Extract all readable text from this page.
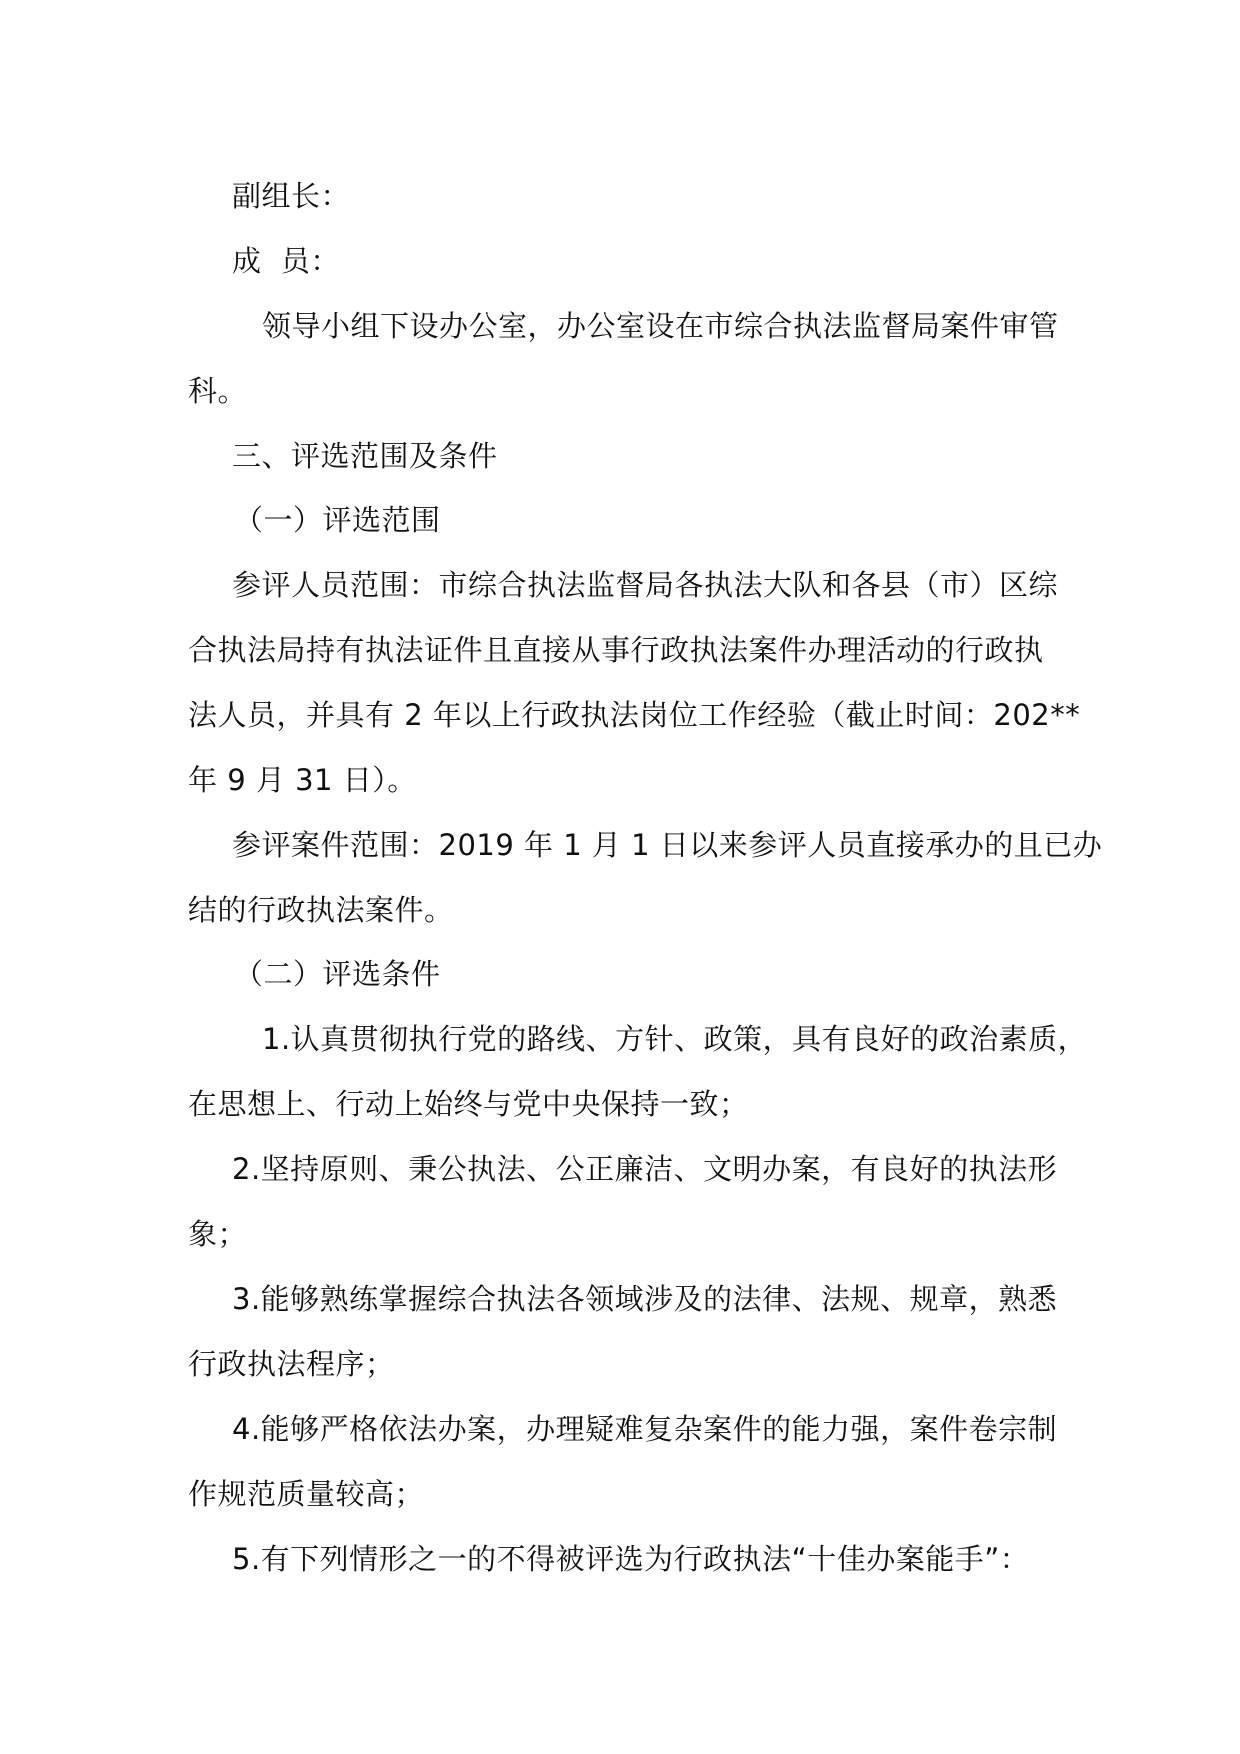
副组长：
成  员：
领导小组下设办公室，办公室设在市综合执法监督局案件审管
科。
三、评选范围及条件
（一）评选范围
参评人员范围：市综合执法监督局各执法大队和各县（市）区综
合执法局持有执法证件且直接从事行政执法案件办理活动的行政执
法人员，并具有 2 年以上行政执法岗位工作经验（截止时间：202**
年 9 月 31 日）。
参评案件范围：2019 年 1 月 1 日以来参评人员直接承办的且已办
结的行政执法案件。
（二）评选条件
1.认真贯彻执行党的路线、方针、政策，具有良好的政治素质，
在思想上、行动上始终与党中央保持一致；
2.坚持原则、秉公执法、公正廉洁、文明办案，有良好的执法形
象；
3.能够熟练掌握综合执法各领域涉及的法律、法规、规章，熟悉
行政执法程序；
4.能够严格依法办案，办理疑难复杂案件的能力强，案件卷宗制
作规范质量较高；
5.有下列情形之一的不得被评选为行政执法“十佳办案能手”：
